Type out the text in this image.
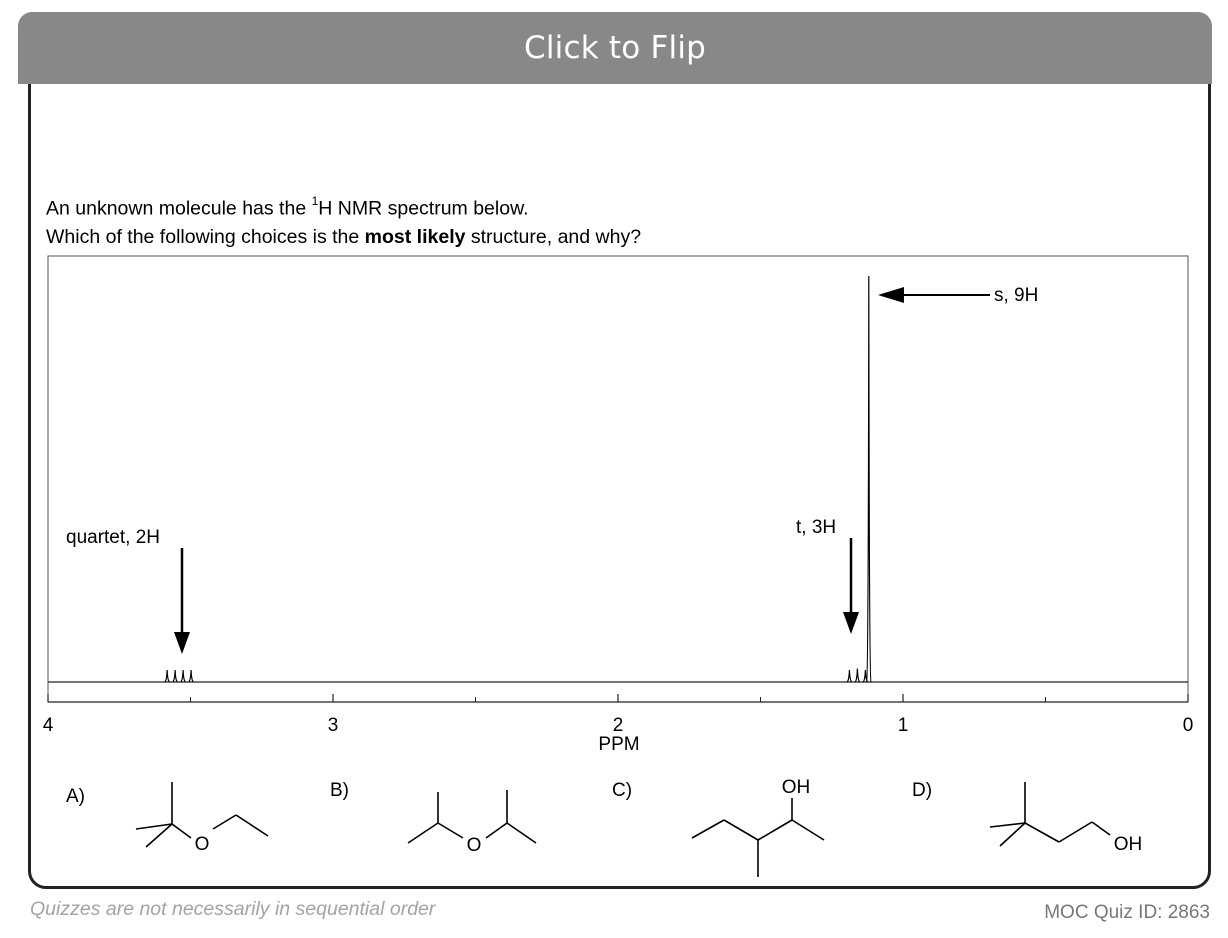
Click to Flip
An unknown molecule has the $^1$H NMR spectrum below.
Which of the following choices is the most likely structure, and why?
4	3	2	1	0
PPM
quartet, 2H	t, 3H
s, 9H
A)	B)	C)	D)
O	O
OH
OH
Quizzes are not necessarily in sequential order	MOC Quiz ID: 2863
